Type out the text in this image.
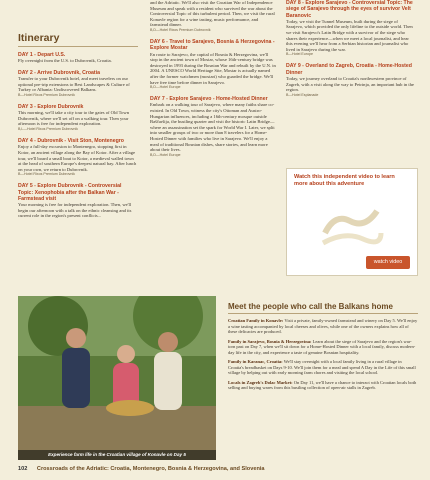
Itinerary
DAY 1 - Depart U.S.
Fly overnight from the U.S. to Dubrovnik, Croatia.
DAY 2 - Arrive Dubrovnik, Croatia
Transfer to your Dubrovnik hotel, and meet travelers on our optional pre-trip extensions to Best Landscapes & Culture of Turkey or Albania: Undiscovered Balkans.
B—Hotel Rixos Premium Dubrovnik
DAY 3 - Explore Dubrovnik
This morning, we'll take a city tour to the gates of Old Town Dubrovnik, where we'll set off on a walking tour. Then your afternoon is free for independent exploration.
B,L—Hotel Rixos Premium Dubrovnik
DAY 4 - Dubrovnik - Visit Ston, Montenegro
Enjoy a full-day excursion to Montenegro, stopping first in Kotor, an ancient village along the Bay of Kotor. After a village tour, we'll board a small boat to Kotor, a medieval walled town at the head of southern Europe's deepest natural bay. After lunch on your own, we return to Dubrovnik.
B—Hotel Rixos Premium Dubrovnik
DAY 5 - Explore Dubrovnik - Controversial Topic: Xenophobia after the Balkan War - Farmstead visit
Your morning is free for independent exploration. Then, we'll begin our afternoon with a talk on the ethnic cleansing and its current role in the region's present conflicts...
and the Adriatic. We'll also visit the Croatian War of Independence Museum and speak with a resident who survived the war about the Controversial Topic of this turbulent period. Then, we visit the rural Konavle region for a wine tasting, music performance, and farmstead dinner.
B,D—Hotel Rixos Premium Dubrovnik
DAY 6 - Travel to Sarajevo, Bosnia & Herzegovina - Explore Mostar
En route to Sarajevo, the capital of Bosnia & Herzegovina, we'll stop in the ancient town of Mostar, whose 16th-century bridge was destroyed in 1993 during the Bosnian War and rebuilt by the U.N. in 2004. A UNESCO World Heritage Site, Mostar is actually named after the former watchmen (mostari) who guarded the bridge. We'll have free time before dinner in Sarajevo.
B,D—Hotel Europe
DAY 7 - Explore Sarajevo - Home-Hosted Dinner
Embark on a walking tour of Sarajevo, where many faiths share co-existed. In Old Town, witness the city's Ottoman and Austro-Hungarian influences, including a 16th-century mosque outside Baščaršija, the bustling quarter and visit the historic Latin Bridge—where an assassination set the spark for World War I. Later, we split into smaller groups of two or more than 8 travelers for a Home-Hosted Dinner with families who live in Sarajevo. We'll enjoy a meal of traditional Bosnian dishes, share stories, and learn more about their lives.
B,D—Hotel Europe
DAY 8 - Explore Sarajevo - Controversial Topic: The siege of Sarajevo through the eyes of survivor Velt Baranovic
Today, we visit the Tunnel Museum, built during the siege of Sarajevo, which provided the only lifeline to the outside world. Then we visit Sarajevo's Latin Bridge with a survivor of the siege who shares their experience—when we meet a local journalist, and hear this evening we'll hear from a Serbian historian and journalist who lived in Sarajevo during the war.
B—Hotel Europe
DAY 9 - Overland to Zagreb, Croatia - Home-Hosted Dinner
Today, we journey overland to Croatia's northwestern province of Zagreb, with a visit along the way to Petrinja, an important hub in the region.
B—Hotel Esplanade
Watch this independent video to learn more about this adventure
watch video
Experience farm life in the Croatian village of Konavle on Day 5
Meet the people who call the Balkans home
Croatian Family in Konavle: Visit a private, family-owned farmstead and winery on Day 5. We'll enjoy a wine tasting accompanied by local cheeses and olives, while one of the owners explains how all of these delicacies are produced.
Family in Sarajevo, Bosnia & Herzegovina: Learn about the siege of Sarajevo and the region's war-torn past on Day 7, when we'll sit down for a Home-Hosted Dinner with a local family, discuss modern-day life in the city, and experience a taste of genuine Bosnian hospitality.
Family in Karanac, Croatia: We'll stay overnight with a local family living in a rural village in Croatia's breadbasket on Days 9-10. We'll join them for a meal and spend A Day in the Life of this small village by helping out with early morning farm chores and visiting the local school.
Locals in Zagreb's Dolac Market: On Day 11, we'll have a chance to interact with Croatian locals both selling and buying wares from this bustling collection of open-air stalls in Zagreb.
102 Crossroads of the Adriatic: Croatia, Montenegro, Bosnia & Herzegovina, and Slovenia
